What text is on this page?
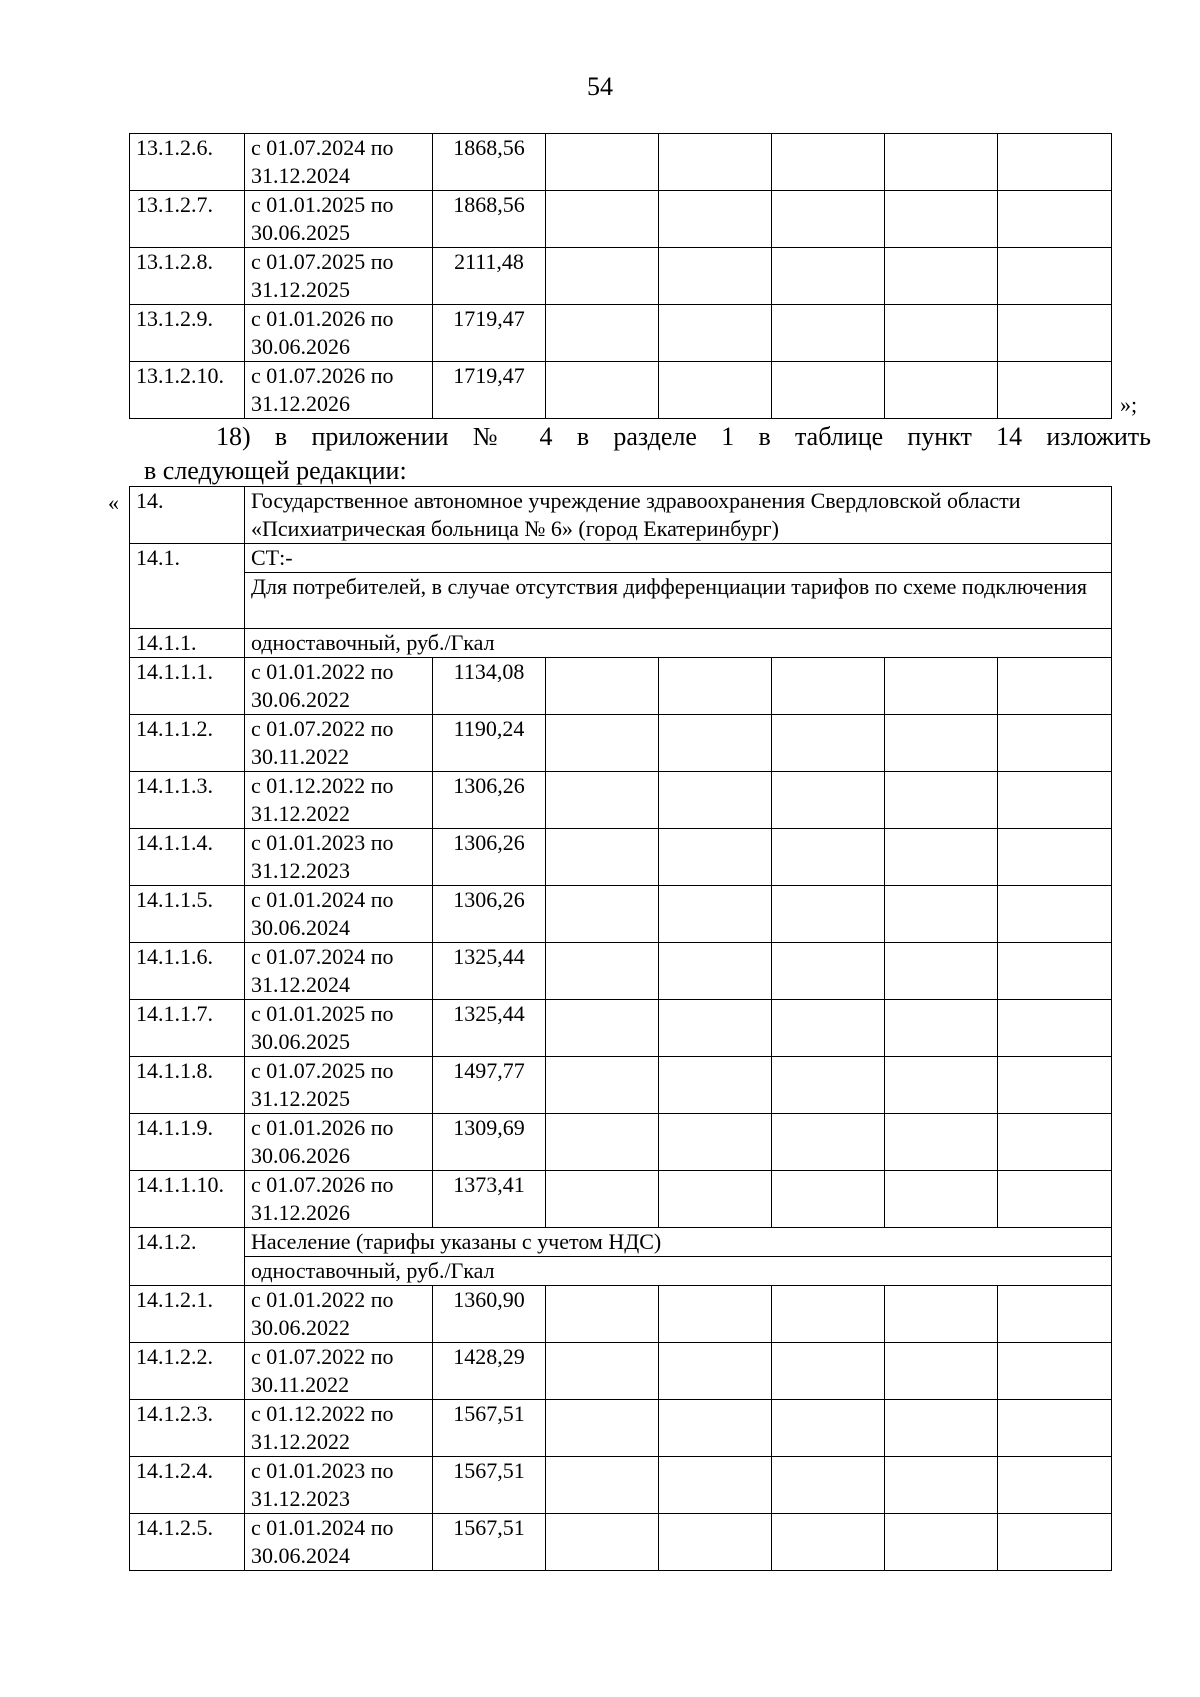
54
13.1.2.6.	с 01.07.2024 по 31.12.2024	1868,56					
13.1.2.7.	с 01.01.2025 по 30.06.2025	1868,56					
13.1.2.8.	с 01.07.2025 по 31.12.2025	2111,48					
13.1.2.9.	с 01.01.2026 по 30.06.2026	1719,47					
13.1.2.10.	с 01.07.2026 по 31.12.2026	1719,47					
»;
18) в приложении № 4 в разделе 1 в таблице пункт 14 изложить
в следующей редакции:
« 14.	Государственное автономное учреждение здравоохранения Свердловской области «Психиатрическая больница № 6» (город Екатеринбург)						
14.1.	СТ:-						
	Для потребителей, в случае отсутствия дифференциации тарифов по схеме подключения						
14.1.1.	одноставочный, руб./Гкал						
14.1.1.1.	с 01.01.2022 по 30.06.2022	1134,08					
14.1.1.2.	с 01.07.2022 по 30.11.2022	1190,24					
14.1.1.3.	с 01.12.2022 по 31.12.2022	1306,26					
14.1.1.4.	с 01.01.2023 по 31.12.2023	1306,26					
14.1.1.5.	с 01.01.2024 по 30.06.2024	1306,26					
14.1.1.6.	с 01.07.2024 по 31.12.2024	1325,44					
14.1.1.7.	с 01.01.2025 по 30.06.2025	1325,44					
14.1.1.8.	с 01.07.2025 по 31.12.2025	1497,77					
14.1.1.9.	с 01.01.2026 по 30.06.2026	1309,69					
14.1.1.10.	с 01.07.2026 по 31.12.2026	1373,41					
14.1.2.	Население (тарифы указаны с учетом НДС)						
	одноставочный, руб./Гкал						
14.1.2.1.	с 01.01.2022 по 30.06.2022	1360,90					
14.1.2.2.	с 01.07.2022 по 30.11.2022	1428,29					
14.1.2.3.	с 01.12.2022 по 31.12.2022	1567,51					
14.1.2.4.	с 01.01.2023 по 31.12.2023	1567,51					
14.1.2.5.	с 01.01.2024 по 30.06.2024	1567,51					
